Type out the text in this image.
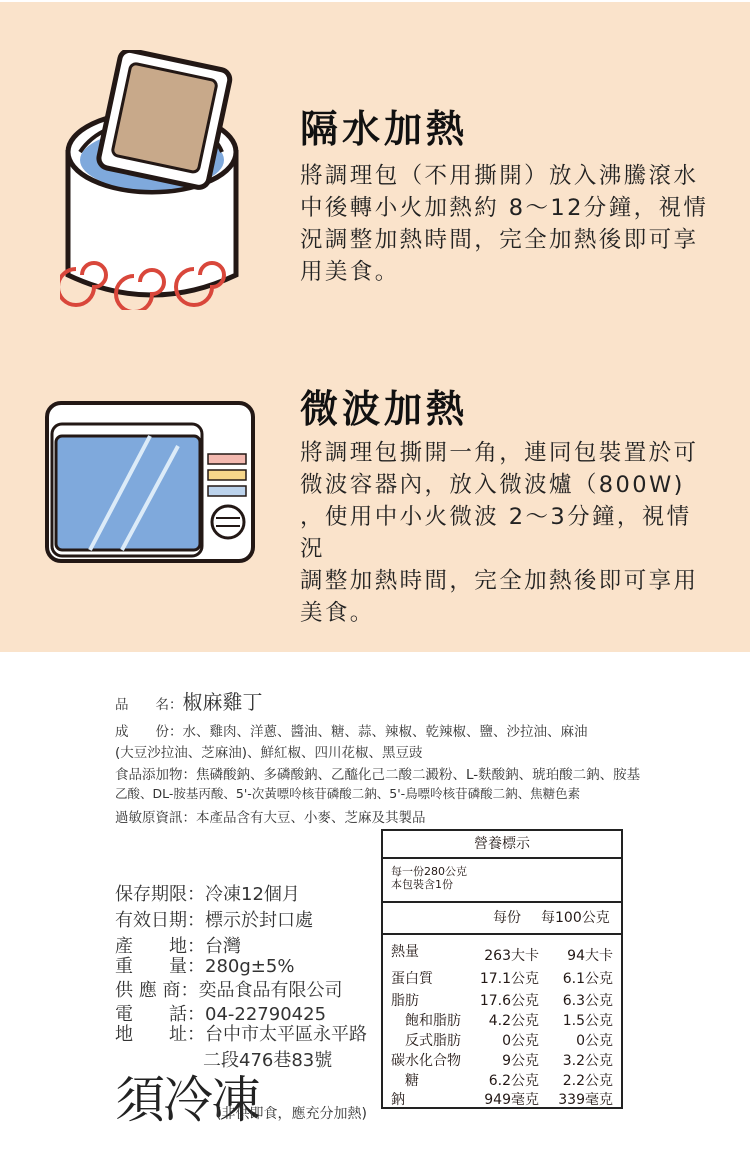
隔水加熱
將調理包（不用撕開）放入沸騰滾水
中後轉小火加熱約 8～12分鐘，視情
況調整加熱時間，完全加熱後即可享
用美食。
微波加熱
將調理包撕開一角，連同包裝置於可
微波容器內，放入微波爐（800W)
，使用中小火微波 2～3分鐘，視情況
調整加熱時間，完全加熱後即可享用
美食。
品　　名：椒麻雞丁
成　　份：水、雞肉、洋蔥、醬油、糖、蒜、辣椒、乾辣椒、鹽、沙拉油、麻油
(大豆沙拉油、芝麻油)、鮮紅椒、四川花椒、黑豆豉
食品添加物：焦磷酸鈉、多磷酸鈉、乙醯化己二酸二澱粉、L-麩酸鈉、琥珀酸二鈉、胺基
乙酸、DL-胺基丙酸、5'-次黃嘌呤核苷磷酸二鈉、5'-鳥嘌呤核苷磷酸二鈉、焦糖色素
過敏原資訊：本產品含有大豆、小麥、芝麻及其製品
保存期限：冷凍12個月
有效日期：標示於封口處
產　　地：台灣
重　　量：280g±5%
供 應 商：奕品食品有限公司
電　　話：04-22790425
地　　址：台中市太平區永平路
二段476巷83號
須冷凍
(非供即食，應充分加熱)
營養標示
每一份280公克
本包裝含1份
每份 每100公克
熱量	263大卡 94大卡
蛋白質	17.1公克 6.1公克
脂肪	17.6公克 6.3公克
飽和脂肪 4.2公克 1.5公克
反式脂肪	0公克	0公克
碳水化合物	9公克 3.2公克
糖	6.2公克 2.2公克
鈉	949毫克 339毫克
